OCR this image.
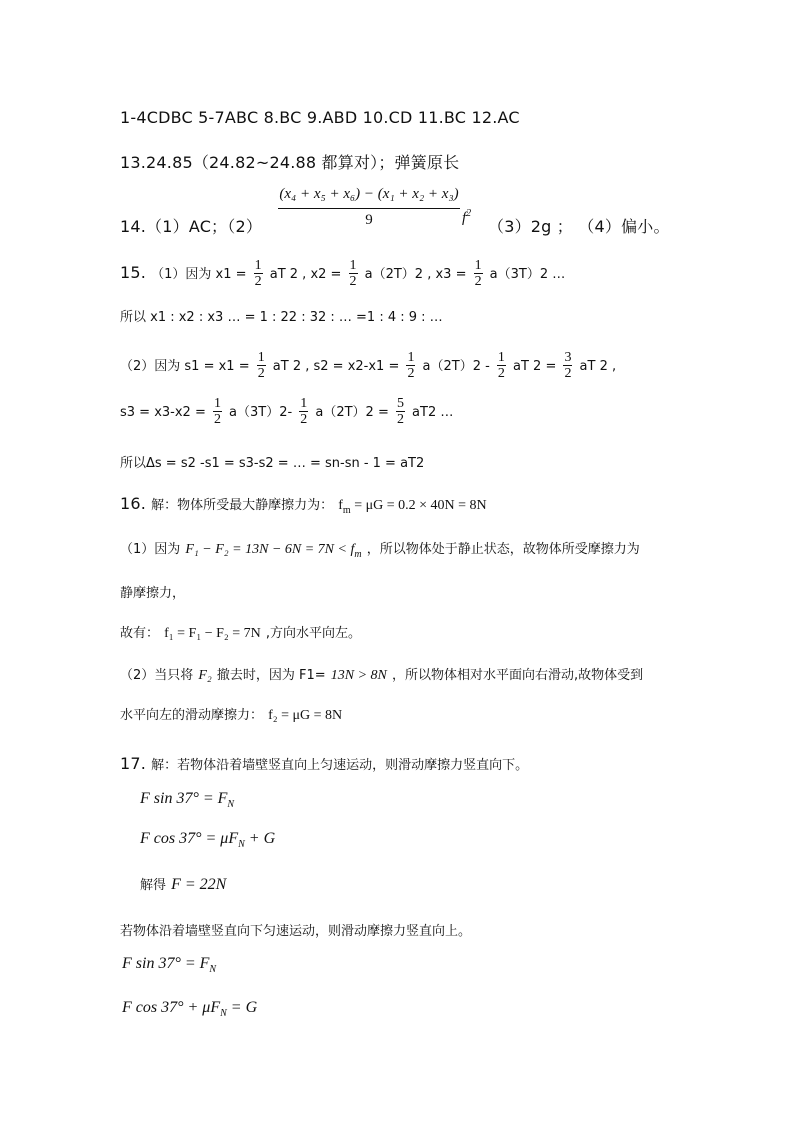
1-4CDBC 5-7ABC 8.BC 9.ABD 10.CD 11.BC 12.AC
13.24.85（24.82~24.88 都算对）；弹簧原长
14.（1）AC；（2）
(x₄ + x₅ + x₆) − (x₁ + x₂ + x₃)
9	$f^2$
（3）2g ； （4）偏小。
15. （1）因为 $x1 = \frac{1}{2}$ aT 2 , $x2 = \frac{1}{2} a(2T)2$ , $x3 = \frac{1}{2} a(3T)2$ …
所以 x1 : x2 : x3 … = 1 : 22 : 32 : … =1 : 4 : 9 : …
（2）因为 $s1 = x1 = \frac{1}{2}$ aT 2 , $s2 = x2-x1 = \frac{1}{2} a(2T)2 - \frac{1}{2}$ aT $2 = \frac{3}{2}$ aT 2 ,
$s3 = x3-x2 = \frac{1}{2} a(3T)2- \frac{1}{2} a(2T)2 = \frac{5}{2} aT2$ …
所以Δs = s2 -s1 = s3-s2 = … = sn-sn - 1 = aT2
16. 解：物体所受最大静摩擦力为： $f_m = \mu G = 0.2 \times 40N = 8N$
（1）因为 $F_1 - F_2 = 13N - 6N = 7N < f_m$ ，所以物体处于静止状态，故物体所受摩擦力为
静摩擦力，
故有： f₁ = F₁ − F₂ = 7N ,方向水平向左。
（2）当只将 F₂ 撤去时，因为 F1= 13N > 8N ，所以物体相对水平面向右滑动,故物体受到
水平向左的滑动摩擦力： f₂ = μG = 8N
17. 解：若物体沿着墙壁竖直向上匀速运动，则滑动摩擦力竖直向下。
F $\sin 37^\circ = F_N$
F $\cos 37^\circ = \mu F_N + G$
解得 F = 22N
若物体沿着墙壁竖直向下匀速运动，则滑动摩擦力竖直向上。
F $\sin 37^\circ = F_N$
F $\cos 37^\circ + \mu F_N = G$
